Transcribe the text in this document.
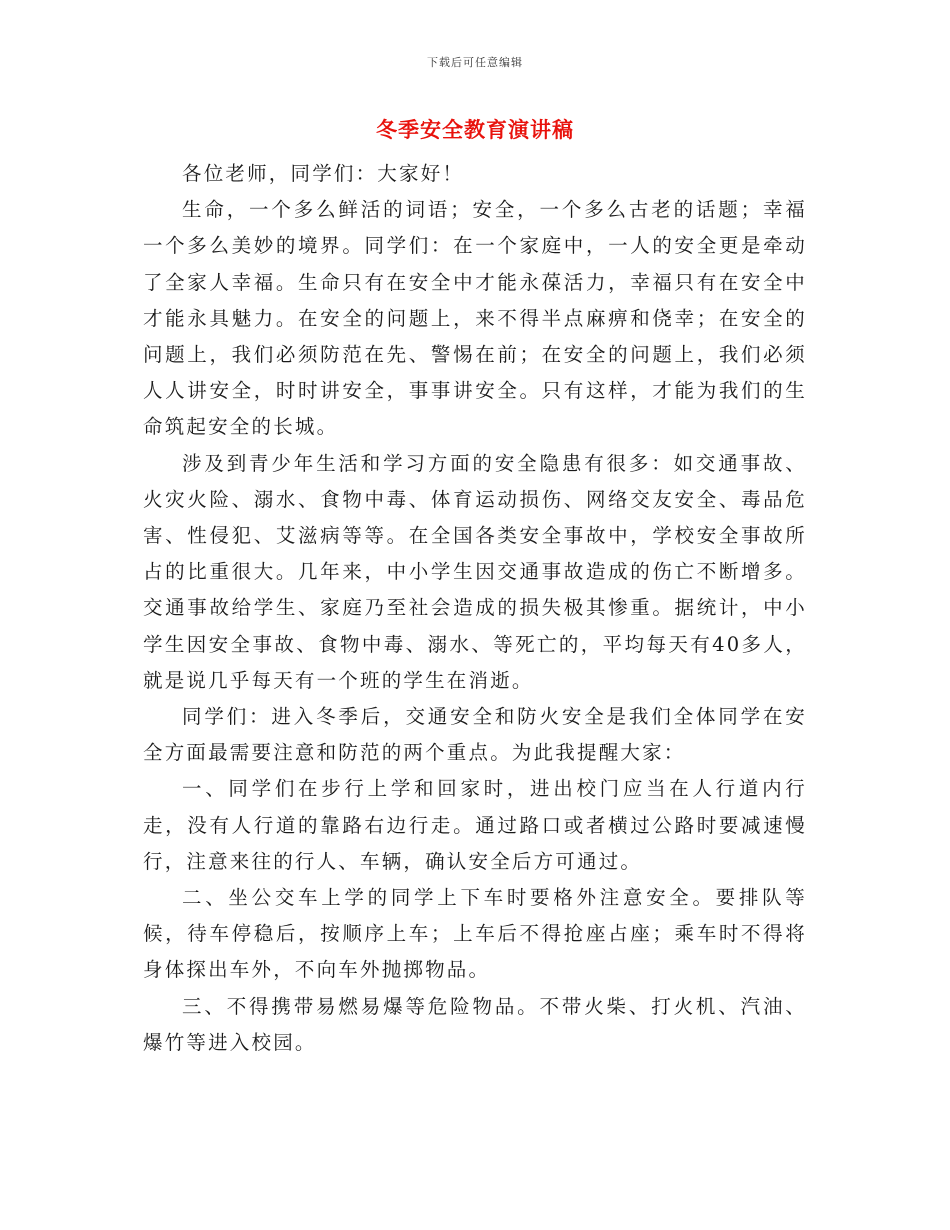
下载后可任意编辑
冬季安全教育演讲稿

各位老师，同学们：大家好！

生命，一个多么鲜活的词语；安全，一个多么古老的话题；幸福一个多么美妙的境界。同学们：在一个家庭中，一人的安全更是牵动了全家人幸福。生命只有在安全中才能永葆活力，幸福只有在安全中才能永具魅力。在安全的问题上，来不得半点麻痹和侥幸；在安全的问题上，我们必须防范在先、警惕在前；在安全的问题上，我们必须人人讲安全，时时讲安全，事事讲安全。只有这样，才能为我们的生命筑起安全的长城。

涉及到青少年生活和学习方面的安全隐患有很多：如交通事故、火灾火险、溺水、食物中毒、体育运动损伤、网络交友安全、毒品危害、性侵犯、艾滋病等等。在全国各类安全事故中，学校安全事故所占的比重很大。几年来，中小学生因交通事故造成的伤亡不断增多。交通事故给学生、家庭乃至社会造成的损失极其惨重。据统计，中小学生因安全事故、食物中毒、溺水、等死亡的，平均每天有40多人，就是说几乎每天有一个班的学生在消逝。

同学们：进入冬季后，交通安全和防火安全是我们全体同学在安全方面最需要注意和防范的两个重点。为此我提醒大家：

一、同学们在步行上学和回家时，进出校门应当在人行道内行走，没有人行道的靠路右边行走。通过路口或者横过公路时要减速慢行，注意来往的行人、车辆，确认安全后方可通过。

二、坐公交车上学的同学上下车时要格外注意安全。要排队等候，待车停稳后，按顺序上车；上车后不得抢座占座；乘车时不得将身体探出车外，不向车外抛掷物品。

三、不得携带易燃易爆等危险物品。不带火柴、打火机、汽油、爆竹等进入校园。
